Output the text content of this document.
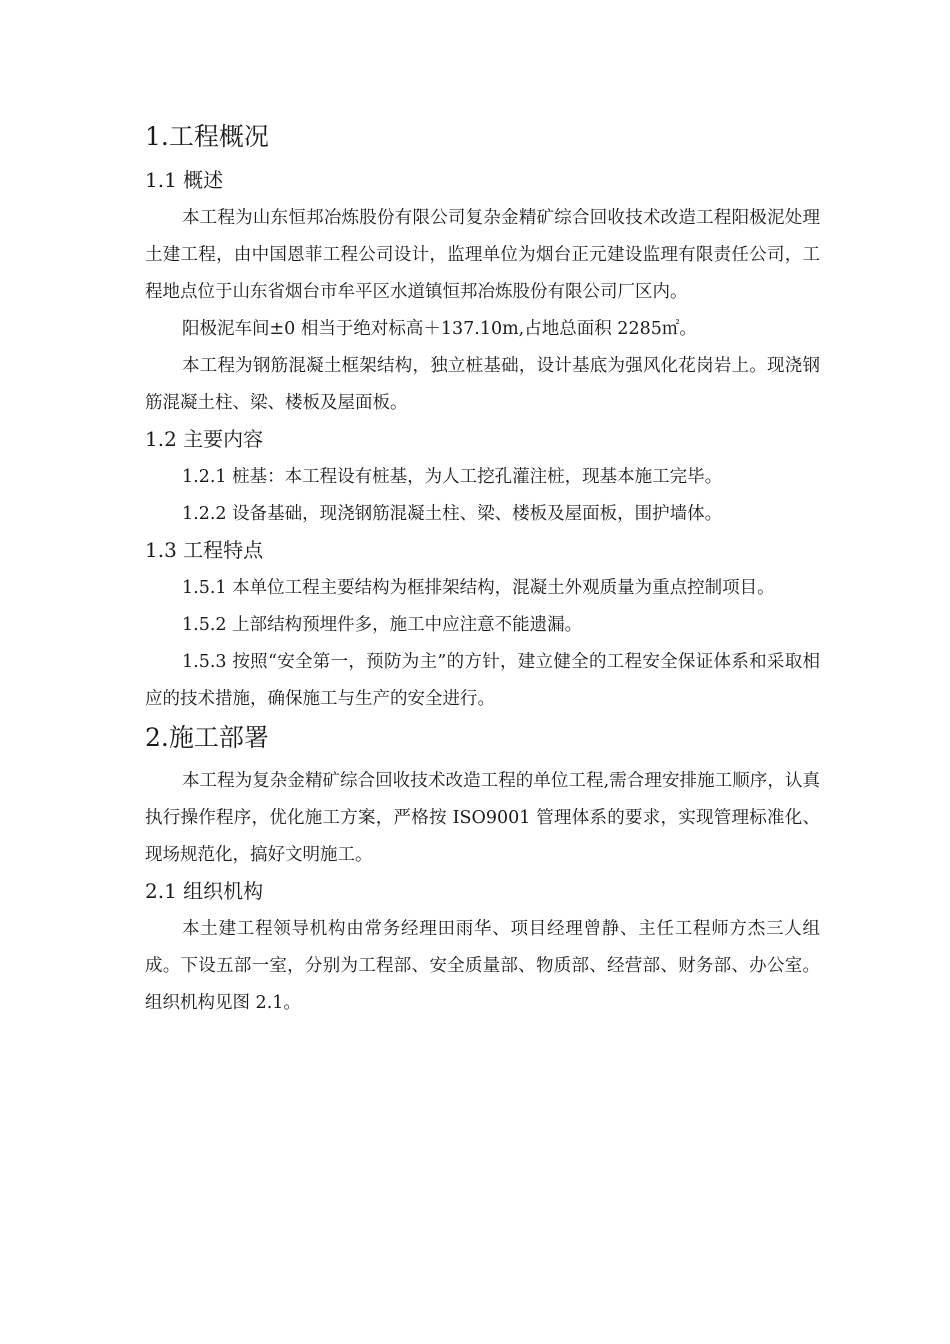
1.工程概况
1.1 概述

本工程为山东恒邦冶炼股份有限公司复杂金精矿综合回收技术改造工程阳极泥处理土建工程，由中国恩菲工程公司设计，监理单位为烟台正元建设监理有限责任公司，工程地点位于山东省烟台市牟平区水道镇恒邦冶炼股份有限公司厂区内。

阳极泥车间±0 相当于绝对标高＋137.10m,占地总面积 2285㎡。

本工程为钢筋混凝土框架结构，独立桩基础，设计基底为强风化花岗岩上。现浇钢筋混凝土柱、梁、楼板及屋面板。

1.2 主要内容

1.2.1 桩基：本工程设有桩基，为人工挖孔灌注桩，现基本施工完毕。

1.2.2 设备基础，现浇钢筋混凝土柱、梁、楼板及屋面板，围护墙体。

1.3 工程特点

1.5.1 本单位工程主要结构为框排架结构，混凝土外观质量为重点控制项目。

1.5.2 上部结构预埋件多，施工中应注意不能遗漏。

1.5.3 按照“安全第一，预防为主”的方针，建立健全的工程安全保证体系和采取相应的技术措施，确保施工与生产的安全进行。

2.施工部署

本工程为复杂金精矿综合回收技术改造工程的单位工程,需合理安排施工顺序，认真执行操作程序，优化施工方案，严格按 ISO9001 管理体系的要求，实现管理标准化、现场规范化，搞好文明施工。

2.1 组织机构

本土建工程领导机构由常务经理田雨华、项目经理曾静、主任工程师方杰三人组成。下设五部一室，分别为工程部、安全质量部、物质部、经营部、财务部、办公室。组织机构见图 2.1。
